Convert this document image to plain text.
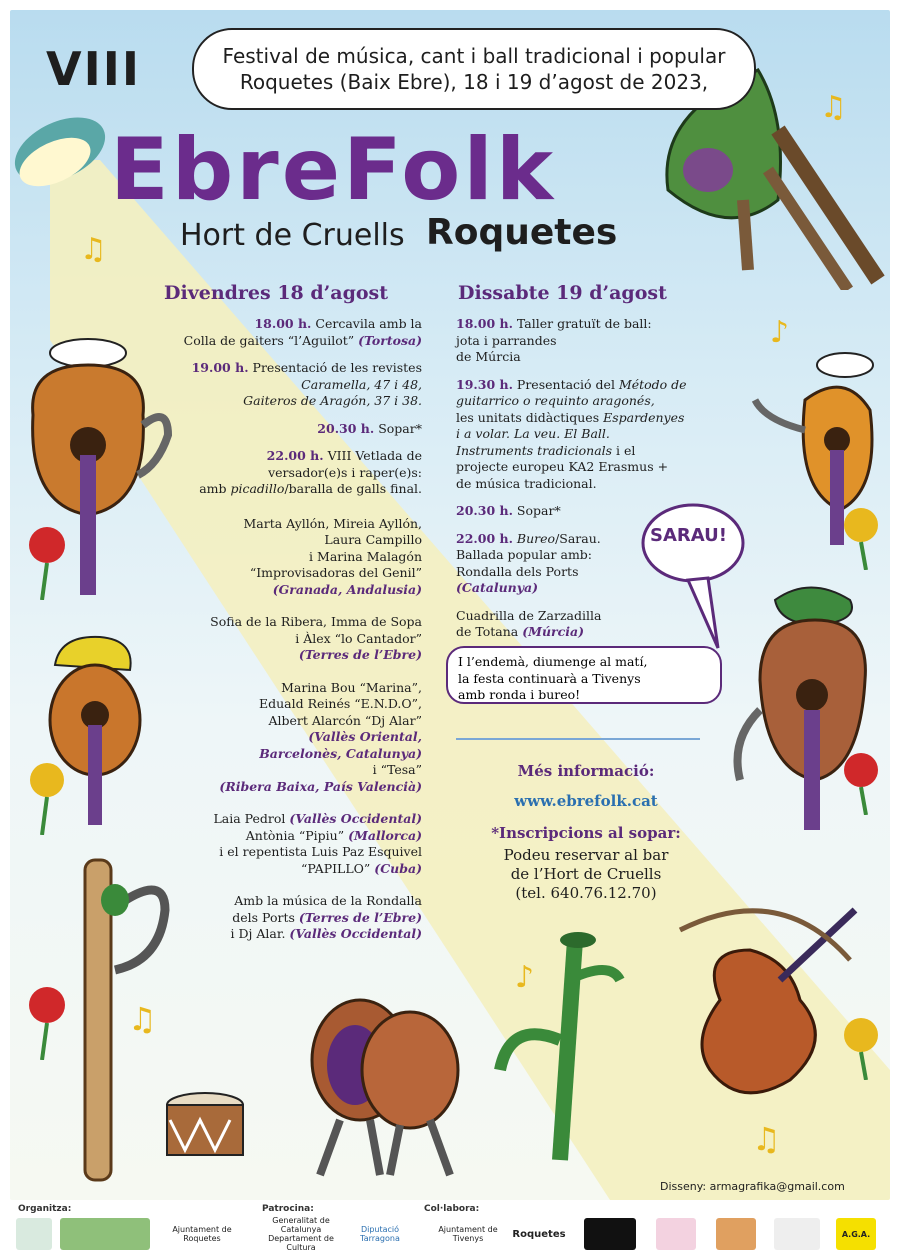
♫
♫
♪
♫
♪
♫
VIII	Festival de música, cant i ball tradicional i popular
Roquetes (Baix Ebre), 18 i 19 d’agost de 2023,
EbreFolk
Hort de Cruells Roquetes
Divendres 18 d’agost
18.00 h. Cercavila amb la
Colla de gaiters “l’Aguilot” (Tortosa)
19.00 h. Presentació de les revistes
Caramella, 47 i 48,
Gaiteros de Aragón, 37 i 38.
20.30 h. Sopar*
22.00 h. VIII Vetlada de
versador(e)s i raper(e)s:
amb picadillo/baralla de galls final.
Marta Ayllón, Mireia Ayllón,
Laura Campillo
i Marina Malagón
“Improvisadoras del Genil”
(Granada, Andalusia)
Sofia de la Ribera, Imma de Sopa
i Àlex “lo Cantador”
(Terres de l’Ebre)
Marina Bou “Marina”,
Eduald Reinés “E.N.D.O”,
Albert Alarcón “Dj Alar”
(Vallès Oriental,
Barcelonès, Catalunya)
i “Tesa”
(Ribera Baixa, País Valencià)
Laia Pedrol (Vallès Occidental)
Antònia “Pipiu” (Mallorca)
i el repentista Luis Paz Esquivel
“PAPILLO” (Cuba)
Amb la música de la Rondalla
dels Ports (Terres de l’Ebre)
i Dj Alar. (Vallès Occidental)
Dissabte 19 d’agost
18.00 h. Taller gratuït de ball:
jota i parrandes
de Múrcia
19.30 h. Presentació del Método de
guitarrico o requinto aragonés,
les unitats didàctiques Espardenyes
i a volar. La veu. El Ball.
Instruments tradicionals i el
projecte europeu KA2 Erasmus +
de música tradicional.
20.30 h. Sopar*
22.00 h. Bureo/Sarau.
Ballada popular amb:
Rondalla dels Ports
(Catalunya)
Cuadrilla de Zarzadilla
de Totana (Múrcia)
SARAU!
I l’endemà, diumenge al matí,
la festa continuarà a Tivenys
amb ronda i bureo!
Més informació:
www.ebrefolk.cat
*Inscripcions al sopar:
Podeu reservar al bar
de l’Hort de Cruells
(tel. 640.76.12.70)
Disseny: armagrafika@gmail.com
Organitza:	Patrocina:	Col·labora:
Ajuntament de Roquetes
Generalitat de Catalunya Departament de Cultura
Diputació Tarragona
Ajuntament de Tivenys	Roquetes	A.G.A.
